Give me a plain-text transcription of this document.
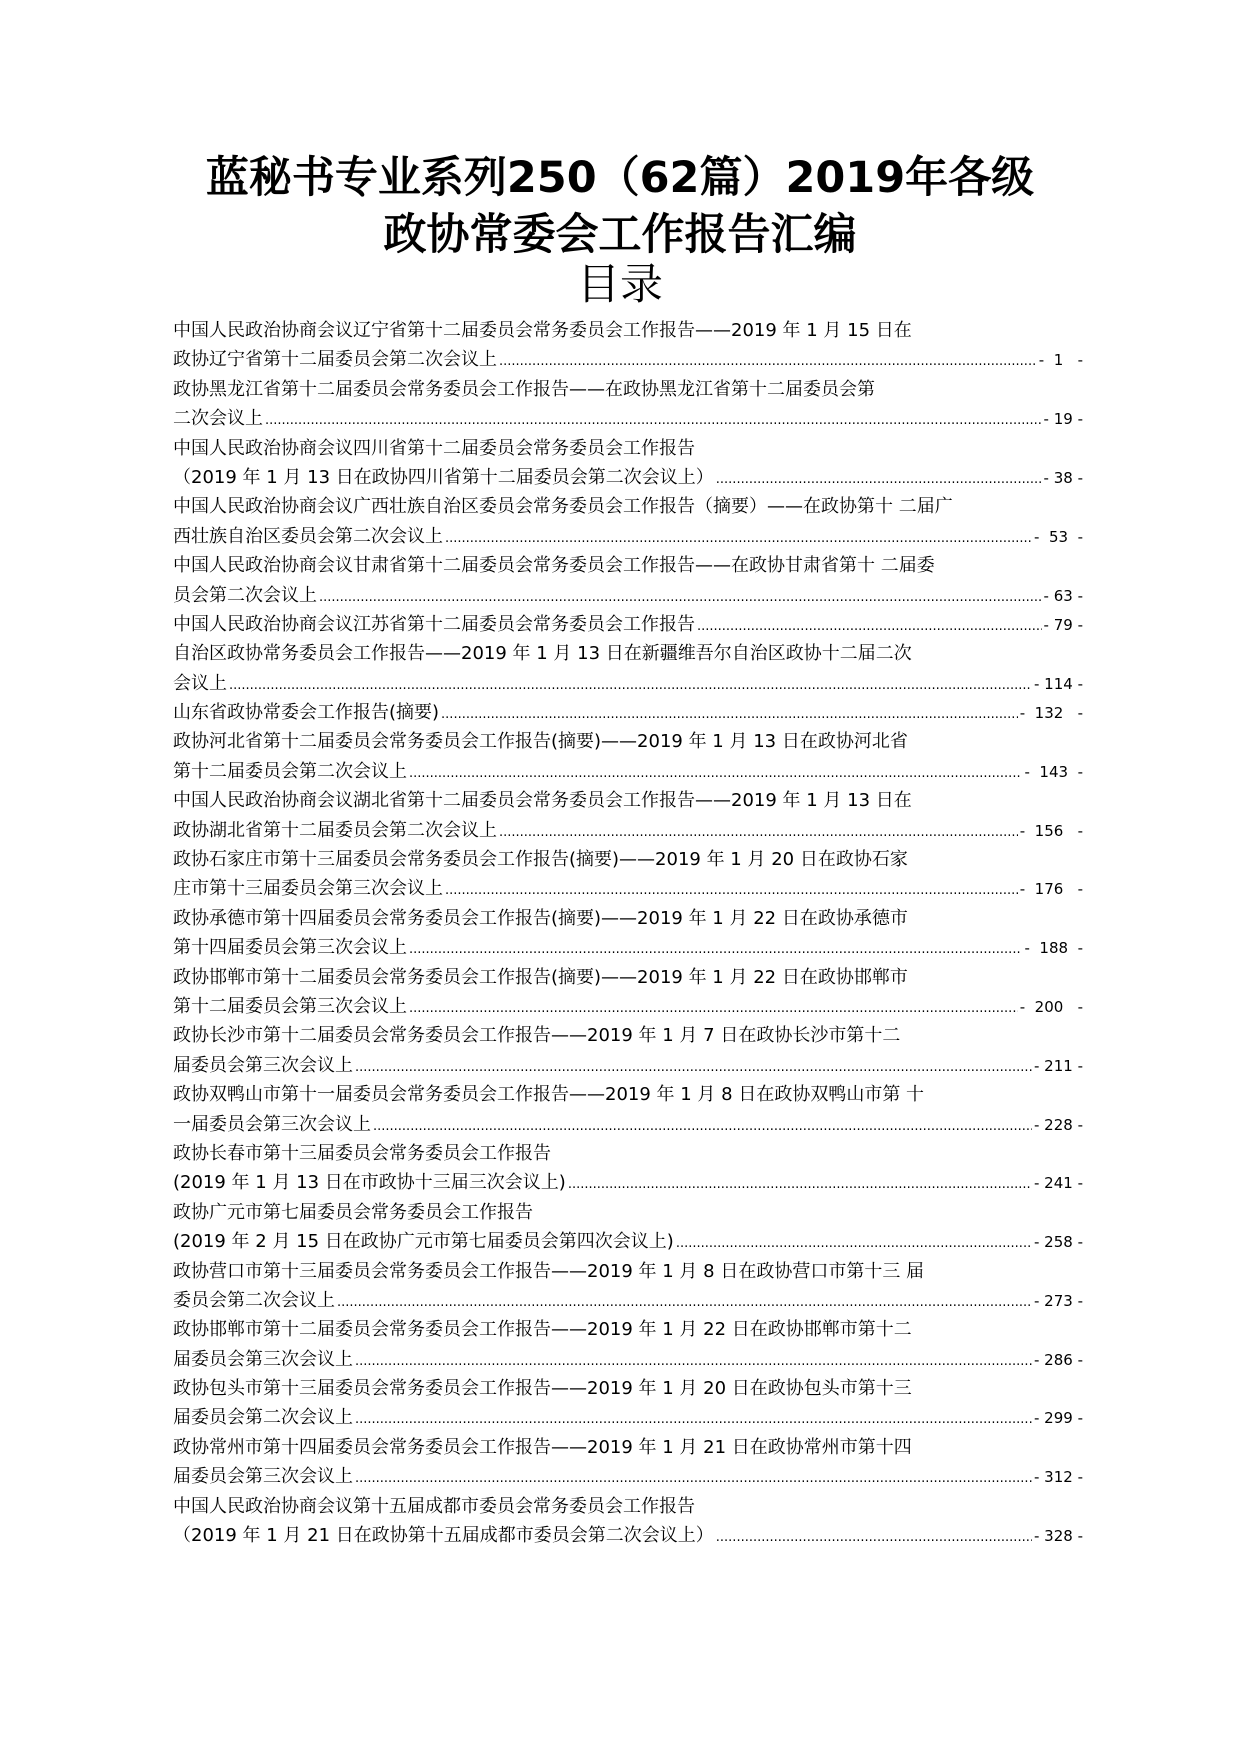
蓝秘书专业系列250（62篇）2019年各级
政协常委会工作报告汇编
目录
中国人民政治协商会议辽宁省第十二届委员会常务委员会工作报告——2019 年 1 月 15 日在
政协辽宁省第十二届委员会第二次会议上 .....	-  1   -
政协黑龙江省第十二届委员会常务委员会工作报告——在政协黑龙江省第十二届委员会第
二次会议上 .....	- 19 -
中国人民政治协商会议四川省第十二届委员会常务委员会工作报告
（2019 年 1 月 13 日在政协四川省第十二届委员会第二次会议上） .....	- 38 -
中国人民政治协商会议广西壮族自治区委员会常务委员会工作报告（摘要）——在政协第十 二届广
西壮族自治区委员会第二次会议上 .....	-  53  -
中国人民政治协商会议甘肃省第十二届委员会常务委员会工作报告——在政协甘肃省第十 二届委
员会第二次会议上 .....	- 63 -
中国人民政治协商会议江苏省第十二届委员会常务委员会工作报告 .....	- 79 -
自治区政协常务委员会工作报告——2019 年 1 月 13 日在新疆维吾尔自治区政协十二届二次
会议上 .....	- 114 -
山东省政协常委会工作报告(摘要) .....	-  132   -
政协河北省第十二届委员会常务委员会工作报告(摘要)——2019 年 1 月 13 日在政协河北省
第十二届委员会第二次会议上 .....	-  143  -
中国人民政治协商会议湖北省第十二届委员会常务委员会工作报告——2019 年 1 月 13 日在
政协湖北省第十二届委员会第二次会议上 .....	-  156   -
政协石家庄市第十三届委员会常务委员会工作报告(摘要)——2019 年 1 月 20 日在政协石家
庄市第十三届委员会第三次会议上 .....	-  176   -
政协承德市第十四届委员会常务委员会工作报告(摘要)——2019 年 1 月 22 日在政协承德市
第十四届委员会第三次会议上 .....	-  188  -
政协邯郸市第十二届委员会常务委员会工作报告(摘要)——2019 年 1 月 22 日在政协邯郸市
第十二届委员会第三次会议上 .....	-  200   -
政协长沙市第十二届委员会常务委员会工作报告——2019 年 1 月 7 日在政协长沙市第十二
届委员会第三次会议上 .....	- 211 -
政协双鸭山市第十一届委员会常务委员会工作报告——2019 年 1 月 8 日在政协双鸭山市第 十
一届委员会第三次会议上 .....	- 228 -
政协长春市第十三届委员会常务委员会工作报告
(2019 年 1 月 13 日在市政协十三届三次会议上) .....	- 241 -
政协广元市第七届委员会常务委员会工作报告
(2019 年 2 月 15 日在政协广元市第七届委员会第四次会议上) .....	- 258 -
政协营口市第十三届委员会常务委员会工作报告——2019 年 1 月 8 日在政协营口市第十三 届
委员会第二次会议上 .....	- 273 -
政协邯郸市第十二届委员会常务委员会工作报告——2019 年 1 月 22 日在政协邯郸市第十二
届委员会第三次会议上 .....	- 286 -
政协包头市第十三届委员会常务委员会工作报告——2019 年 1 月 20 日在政协包头市第十三
届委员会第二次会议上 .....	- 299 -
政协常州市第十四届委员会常务委员会工作报告——2019 年 1 月 21 日在政协常州市第十四
届委员会第三次会议上 .....	- 312 -
中国人民政治协商会议第十五届成都市委员会常务委员会工作报告
（2019 年 1 月 21 日在政协第十五届成都市委员会第二次会议上） .....	- 328 -
